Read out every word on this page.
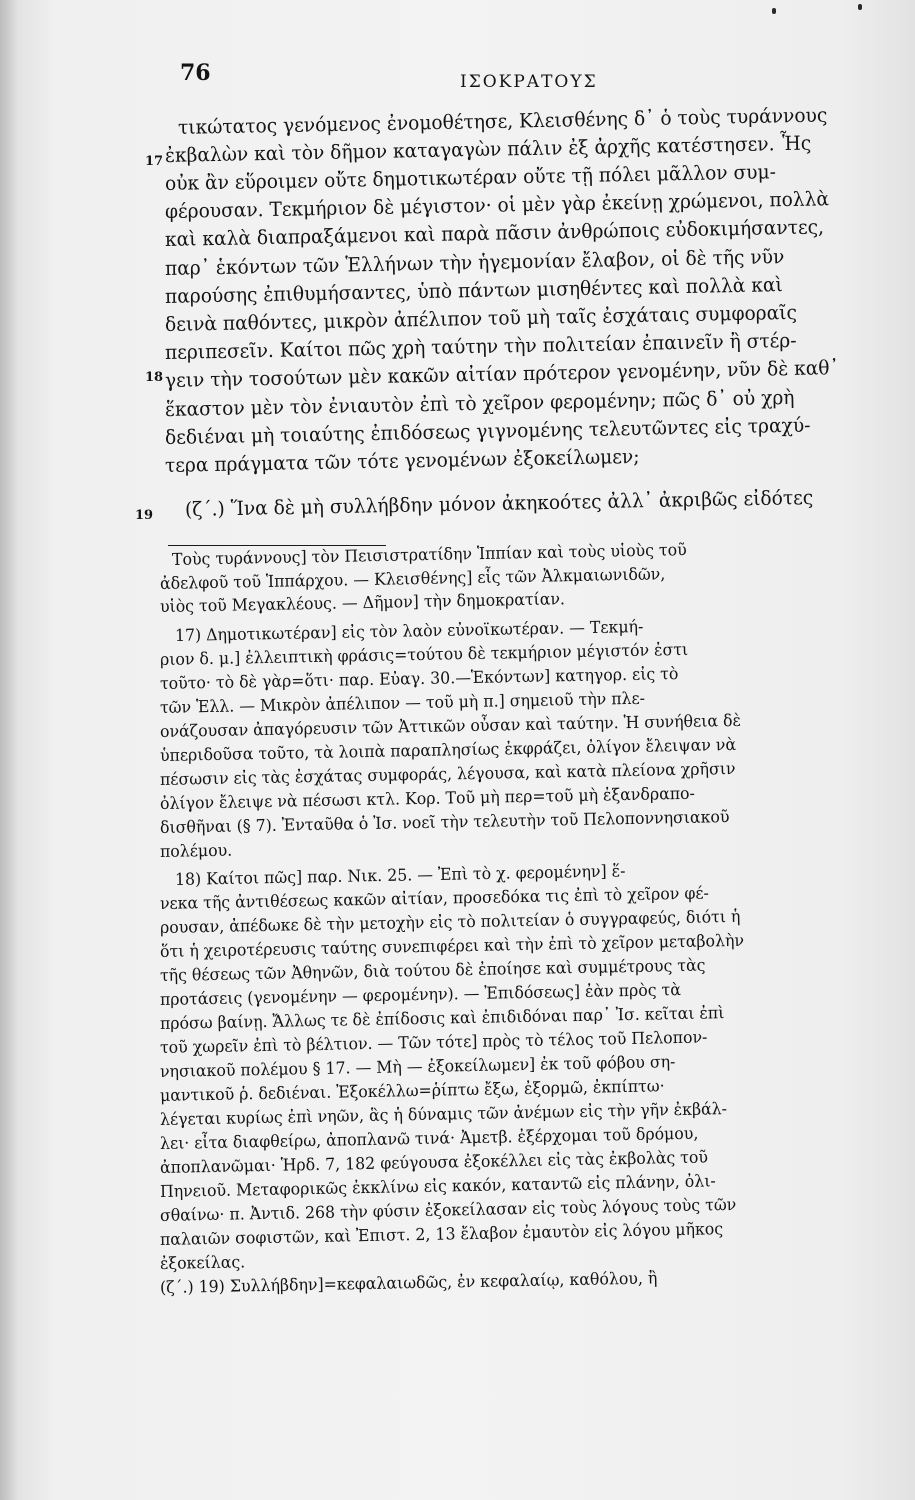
76	ΙΣΟΚΡΑΤΟΥΣ
τικώτατος γενόμενος ἐνομοθέτησε, Κλεισθένης δ᾽ ὁ τοὺς τυράννους
ἐκβαλὼν καὶ τὸν δῆμον καταγαγὼν πάλιν ἐξ ἀρχῆς κατέστησεν. Ἧς
οὐκ ἂν εὕροιμεν οὔτε δημοτικωτέραν οὔτε τῇ πόλει μᾶλλον συμ-
φέρουσαν. Τεκμήριον δὲ μέγιστον· οἱ μὲν γὰρ ἐκείνῃ χρώμενοι, πολλὰ
καὶ καλὰ διαπραξάμενοι καὶ παρὰ πᾶσιν ἀνθρώποις εὐδοκιμήσαντες,
παρ᾽ ἑκόντων τῶν Ἑλλήνων τὴν ἡγεμονίαν ἔλαβον, οἱ δὲ τῆς νῦν
παρούσης ἐπιθυμήσαντες, ὑπὸ πάντων μισηθέντες καὶ πολλὰ καὶ
δεινὰ παθόντες, μικρὸν ἀπέλιπον τοῦ μὴ ταῖς ἐσχάταις συμφοραῖς
περιπεσεῖν. Καίτοι πῶς χρὴ ταύτην τὴν πολιτείαν ἐπαινεῖν ἢ στέρ-
γειν τὴν τοσούτων μὲν κακῶν αἰτίαν πρότερον γενομένην, νῦν δὲ καθ᾽
ἕκαστον μὲν τὸν ἐνιαυτὸν ἐπὶ τὸ χεῖρον φερομένην; πῶς δ᾽ οὐ χρὴ
δεδιέναι μὴ τοιαύτης ἐπιδόσεως γιγνομένης τελευτῶντες εἰς τραχύ-
τερα πράγματα τῶν τότε γενομένων ἐξοκείλωμεν;
(ζ΄.) Ἵνα δὲ μὴ συλλήβδην μόνον ἀκηκοότες ἀλλ᾽ ἀκριβῶς εἰδότες
17
18
19
Τοὺς τυράννους] τὸν Πεισιστρατίδην Ἱππίαν καὶ τοὺς υἱοὺς τοῦ
ἀδελφοῦ τοῦ Ἱππάρχου. — Κλεισθένης] εἷς τῶν Ἀλκμαιωνιδῶν,
υἱὸς τοῦ Μεγακλέους. — Δῆμον] τὴν δημοκρατίαν.
17) Δημοτικωτέραν] εἰς τὸν λαὸν εὐνοϊκωτέραν. — Τεκμή-
ριον δ. μ.] ἐλλειπτικὴ φράσις=τούτου δὲ τεκμήριον μέγιστόν ἐστι
τοῦτο· τὸ δὲ γὰρ=ὅτι· παρ. Εὐαγ. 30.—Ἑκόντων] κατηγορ. εἰς τὸ
τῶν Ἑλλ. — Μικρὸν ἀπέλιπον — τοῦ μὴ π.] σημειοῦ τὴν πλε-
ονάζουσαν ἀπαγόρευσιν τῶν Ἀττικῶν οὖσαν καὶ ταύτην. Ἡ συνήθεια δὲ
ὑπεριδοῦσα τοῦτο, τὰ λοιπὰ παραπλησίως ἐκφράζει, ὀλίγον ἔλειψαν νὰ
πέσωσιν εἰς τὰς ἐσχάτας συμφοράς, λέγουσα, καὶ κατὰ πλείονα χρῆσιν
ὀλίγον ἔλειψε νὰ πέσωσι κτλ. Κορ. Τοῦ μὴ περ=τοῦ μὴ ἐξανδραπο-
δισθῆναι (§ 7). Ἐνταῦθα ὁ Ἰσ. νοεῖ τὴν τελευτὴν τοῦ Πελοποννησιακοῦ
πολέμου.
18) Καίτοι πῶς] παρ. Νικ. 25. — Ἐπὶ τὸ χ. φερομένην] ἕ-
νεκα τῆς ἀντιθέσεως κακῶν αἰτίαν, προσεδόκα τις ἐπὶ τὸ χεῖρον φέ-
ρουσαν, ἀπέδωκε δὲ τὴν μετοχὴν εἰς τὸ πολιτείαν ὁ συγγραφεύς, διότι ἡ
ὅτι ἡ χειροτέρευσις ταύτης συνεπιφέρει καὶ τὴν ἐπὶ τὸ χεῖρον μεταβολὴν
τῆς θέσεως τῶν Ἀθηνῶν, διὰ τούτου δὲ ἐποίησε καὶ συμμέτρους τὰς
προτάσεις (γενομένην — φερομένην). — Ἐπιδόσεως] ἐὰν πρὸς τὰ
πρόσω βαίνῃ. Ἄλλως τε δὲ ἐπίδοσις καὶ ἐπιδιδόναι παρ᾽ Ἰσ. κεῖται ἐπὶ
τοῦ χωρεῖν ἐπὶ τὸ βέλτιον. — Τῶν τότε] πρὸς τὸ τέλος τοῦ Πελοπον-
νησιακοῦ πολέμου § 17. — Μὴ — ἐξοκείλωμεν] ἐκ τοῦ φόβου ση-
μαντικοῦ ῥ. δεδιέναι. Ἐξοκέλλω=ῥίπτω ἔξω, ἐξορμῶ, ἐκπίπτω·
λέγεται κυρίως ἐπὶ νηῶν, ἃς ἡ δύναμις τῶν ἀνέμων εἰς τὴν γῆν ἐκβάλ-
λει· εἶτα διαφθείρω, ἀποπλανῶ τινά· Ἀμετβ. ἐξέρχομαι τοῦ δρόμου,
ἀποπλανῶμαι· Ἡρδ. 7, 182 φεύγουσα ἐξοκέλλει εἰς τὰς ἐκβολὰς τοῦ
Πηνειοῦ. Μεταφορικῶς ἐκκλίνω εἰς κακόν, καταντῶ εἰς πλάνην, ὀλι-
σθαίνω· π. Ἀντιδ. 268 τὴν φύσιν ἐξοκείλασαν εἰς τοὺς λόγους τοὺς τῶν
παλαιῶν σοφιστῶν, καὶ Ἐπιστ. 2, 13 ἔλαβον ἐμαυτὸν εἰς λόγου μῆκος
ἐξοκείλας.
(ζ΄.) 19) Συλλήβδην]=κεφαλαιωδῶς, ἐν κεφαλαίῳ, καθόλου, ἢ
